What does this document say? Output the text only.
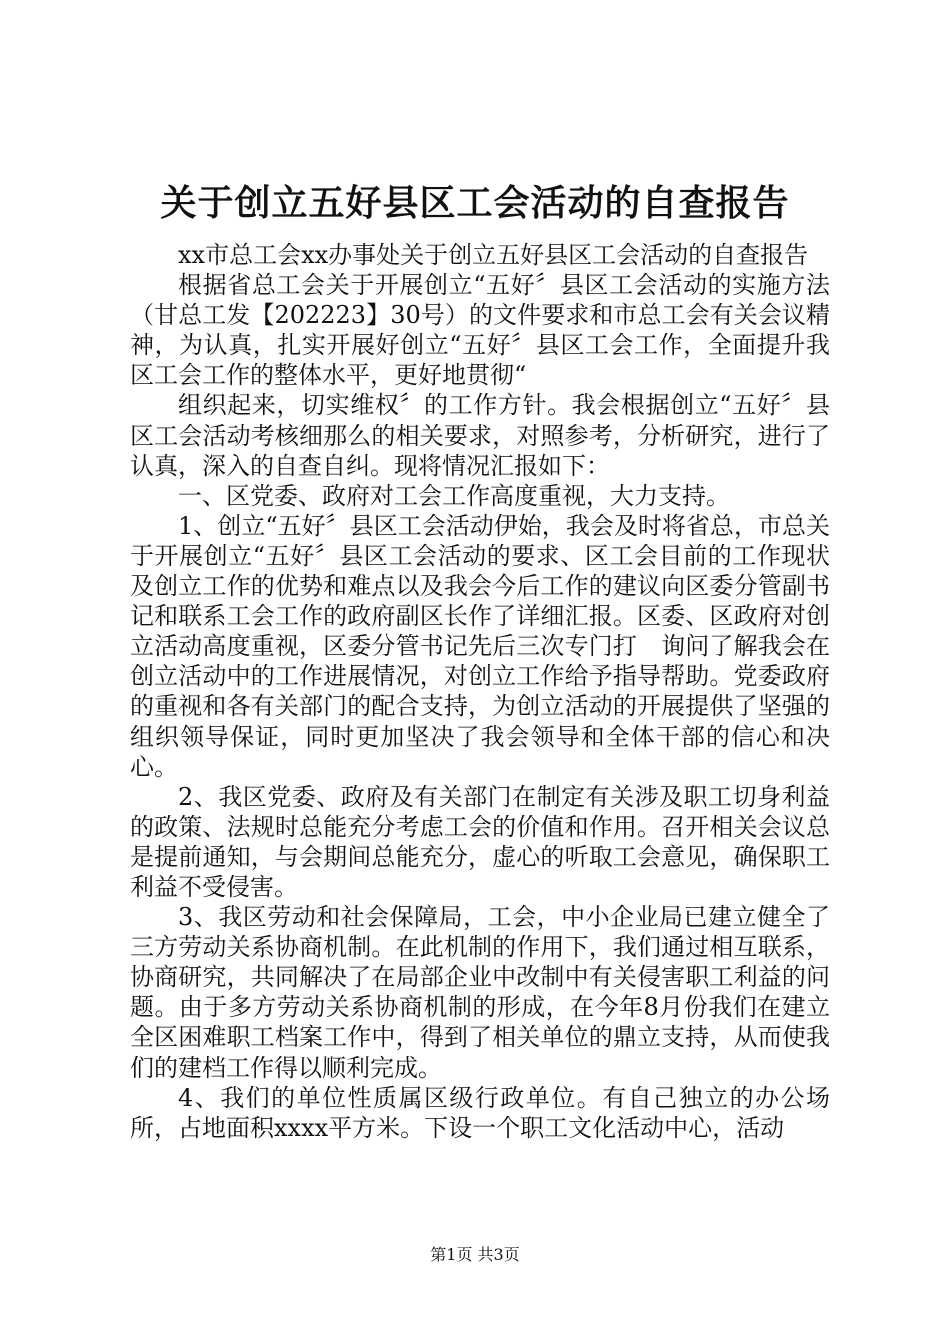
关于创立五好县区工会活动的自查报告

xx市总工会xx办事处关于创立五好县区工会活动的自查报告

根据省总工会关于开展创立“五好〞县区工会活动的实施方法（甘总工发【202223】30号）的文件要求和市总工会有关会议精神，为认真，扎实开展好创立“五好〞县区工会工作，全面提升我区工会工作的整体水平，更好地贯彻“

组织起来，切实维权〞的工作方针。我会根据创立“五好〞县区工会活动考核细那么的相关要求，对照参考，分析研究，进行了认真，深入的自查自纠。现将情况汇报如下：

一、区党委、政府对工会工作高度重视，大力支持。

1、创立“五好〞县区工会活动伊始，我会及时将省总，市总关于开展创立“五好〞县区工会活动的要求、区工会目前的工作现状及创立工作的优势和难点以及我会今后工作的建议向区委分管副书记和联系工会工作的政府副区长作了详细汇报。区委、区政府对创立活动高度重视，区委分管书记先后三次专门打　询问了解我会在创立活动中的工作进展情况，对创立工作给予指导帮助。党委政府的重视和各有关部门的配合支持，为创立活动的开展提供了坚强的组织领导保证，同时更加坚决了我会领导和全体干部的信心和决心。

2、我区党委、政府及有关部门在制定有关涉及职工切身利益的政策、法规时总能充分考虑工会的价值和作用。召开相关会议总是提前通知，与会期间总能充分，虚心的听取工会意见，确保职工利益不受侵害。

3、我区劳动和社会保障局，工会，中小企业局已建立健全了三方劳动关系协商机制。在此机制的作用下，我们通过相互联系，协商研究，共同解决了在局部企业中改制中有关侵害职工利益的问题。由于多方劳动关系协商机制的形成，在今年8月份我们在建立全区困难职工档案工作中，得到了相关单位的鼎立支持，从而使我们的建档工作得以顺利完成。

4、我们的单位性质属区级行政单位。有自己独立的办公场所，占地面积xxxx平方米。下设一个职工文化活动中心，活动

第1页 共3页
